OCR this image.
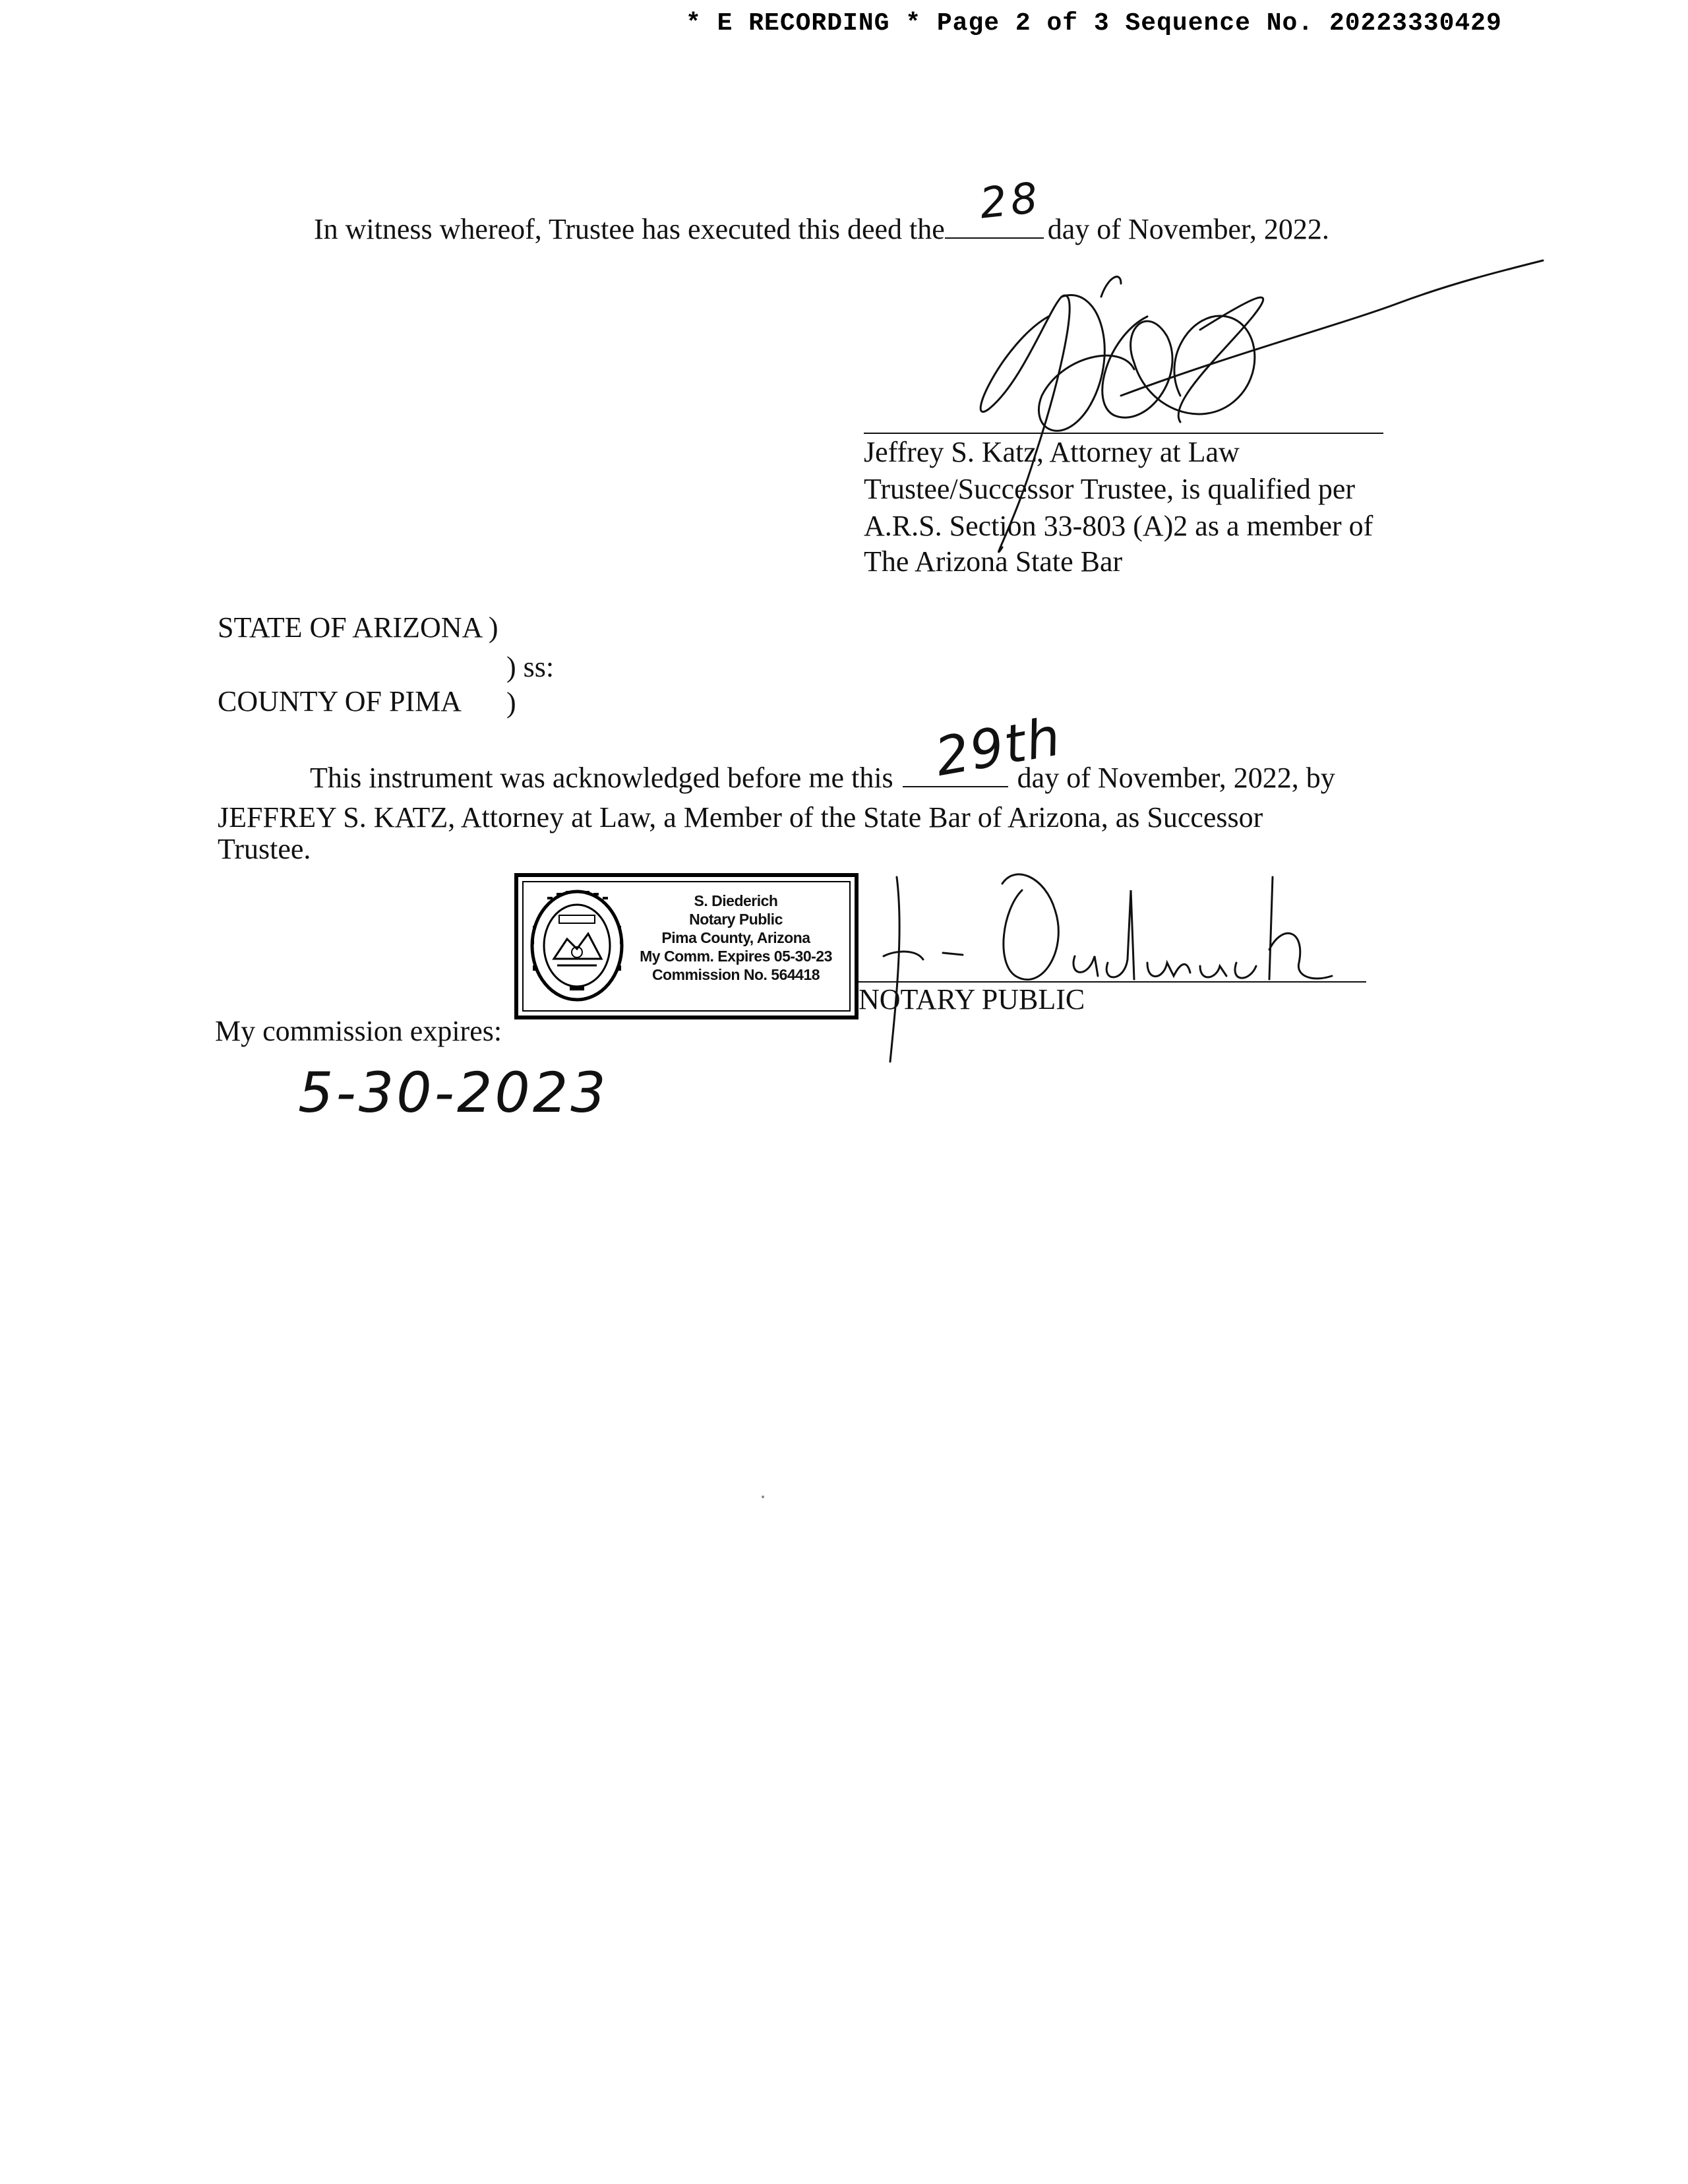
* E RECORDING * Page 2 of 3 Sequence No. 20223330429
In witness whereof, Trustee has executed this deed the	day of November, 2022.
28
Jeffrey S. Katz, Attorney at Law
Trustee/Successor Trustee, is qualified per
A.R.S. Section 33-803 (A)2 as a member of
The Arizona State Bar
STATE OF ARIZONA )
) ss:
COUNTY OF PIMA )
This instrument was acknowledged before me this	day of November, 2022, by
29th
JEFFREY S. KATZ, Attorney at Law, a Member of the State Bar of Arizona, as Successor
Trustee.
S. Diederich
Notary Public
Pima County, Arizona
My Comm. Expires 05-30-23
Commission No. 564418
NOTARY PUBLIC
My commission expires:
5-30-2023
